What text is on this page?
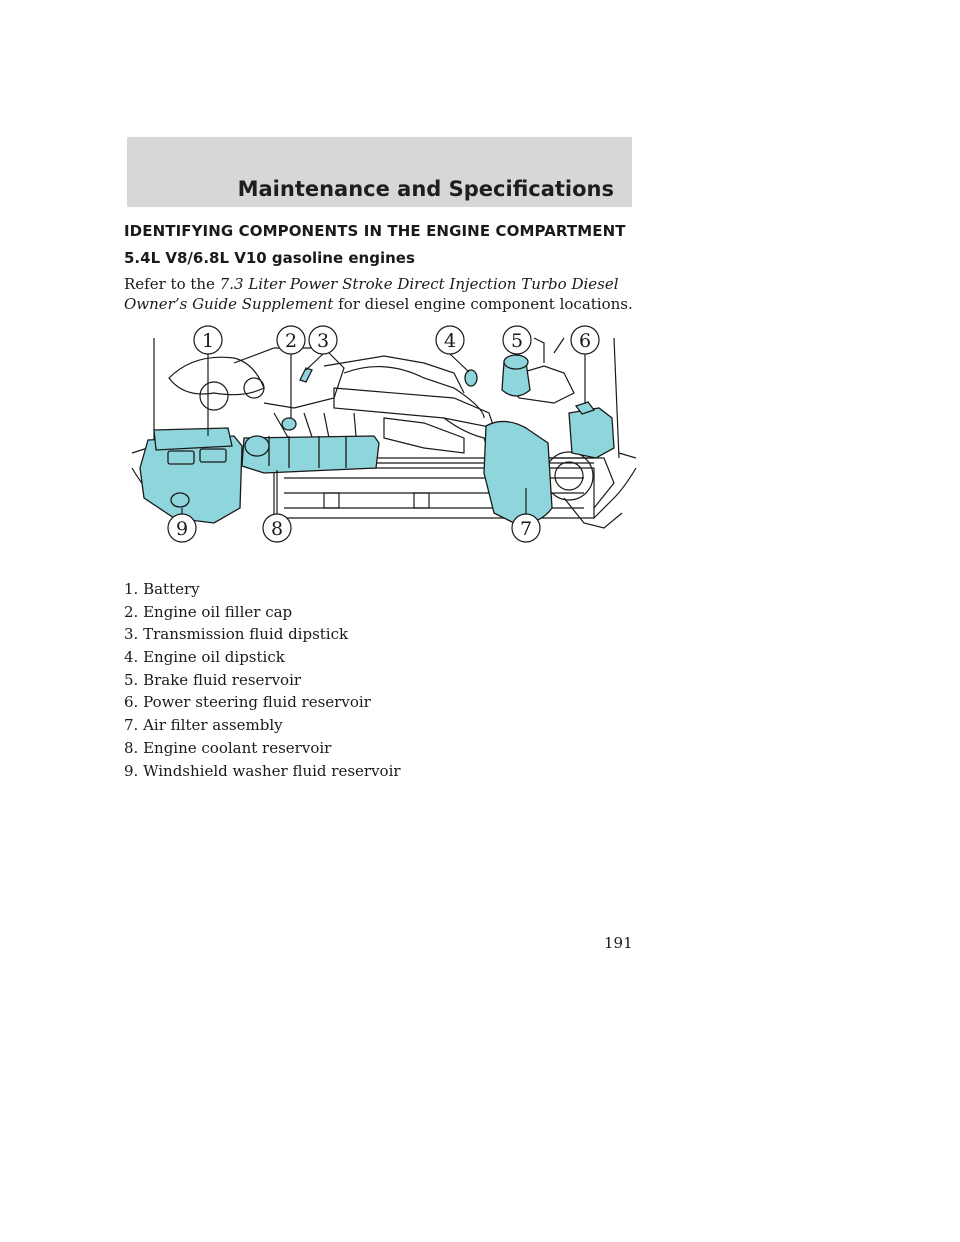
Maintenance and Specifications
IDENTIFYING COMPONENTS IN THE ENGINE COMPARTMENT
5.4L V8/6.8L V10 gasoline engines

Refer to the 7.3 Liter Power Stroke Direct Injection Turbo Diesel Owner’s Guide Supplement for diesel engine component locations.

1	2 3	4	5	6
7
8
9
1. Battery
2. Engine oil filler cap
3. Transmission fluid dipstick
4. Engine oil dipstick
5. Brake fluid reservoir
6. Power steering fluid reservoir
7. Air filter assembly
8. Engine coolant reservoir
9. Windshield washer fluid reservoir
191
